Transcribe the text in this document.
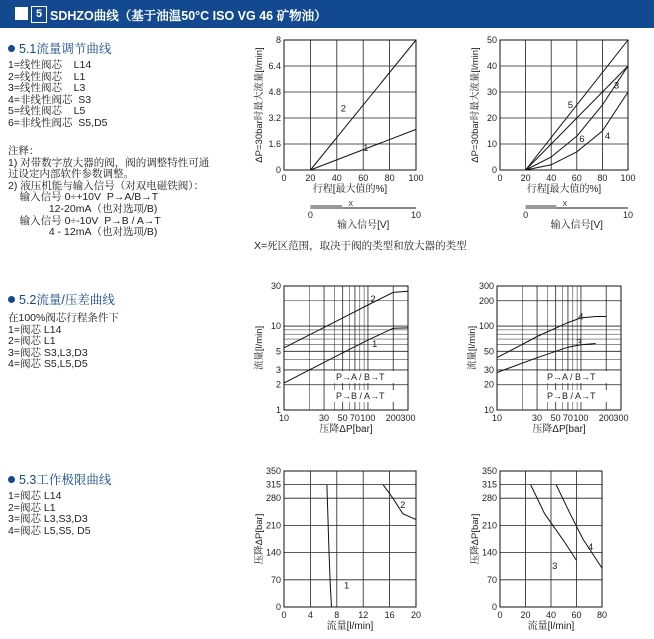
5 SDHZO曲线（基于油温50°C ISO VG 46 矿物油）
5.1流量调节曲线
1=线性阀芯    L14
2=线性阀芯    L1
3=线性阀芯    L3
4=非线性阀芯  S3
5=线性阀芯    L5
6=非线性阀芯  S5,D5
注释：
1) 对带数字放大器的阀，阀的调整特性可通
过设定内部软件参数调整。
2) 液压机能与输入信号（对双电磁铁阀）：
输入信号 0÷+10V  P→A/B→T
12-20mA（也对选项/B)
输入信号 0÷-10V  P→B / A→T
4 - 12mA（也对选项/B)
5.2流量/压差曲线
在100%阀芯行程条件下
1=阀芯 L14
2=阀芯 L1
3=阀芯 S3,L3,D3
4=阀芯 S5,L5,D5
5.3工作极限曲线
1=阀芯 L14
2=阀芯 L1
3=阀芯 L3,S3,D3
4=阀芯 L5,S5, D5
X=死区范围，取决于阀的类型和放大器的类型
0 20 40 60 80 100
0
1.6
3.2
4.8
6.4
8
行程[最大值的%]
ΔP=30bar时最大流量[l/min]	1
2
X
0	10
输入信号[V]
0 20 40 60 80 100
0
10
20
30
40
50
行程[最大值的%]
ΔP=30bar时最大流量[l/min]	3
4
5
6
X
0	10
输入信号[V]
10	30 50 70 100 200 300
1
2
3
5
10
30
压降ΔP[bar]
流量[l/min]	1
2
P→A / B→T
P→B / A→T
10	30 50 70 100 200 300
10
20
30
50
100
200
300
压降ΔP[bar]
流量[l/min]	3
4
P→A / B→T
P→B / A→T
0 4 8 12 16 20
0
70
140
210
280
315
350
流量[l/min]
压降ΔP[bar]
1
2
0 20 40 60 80
0
70
140
210
280
315
350
流量[l/min]
压降ΔP[bar]
3
4
